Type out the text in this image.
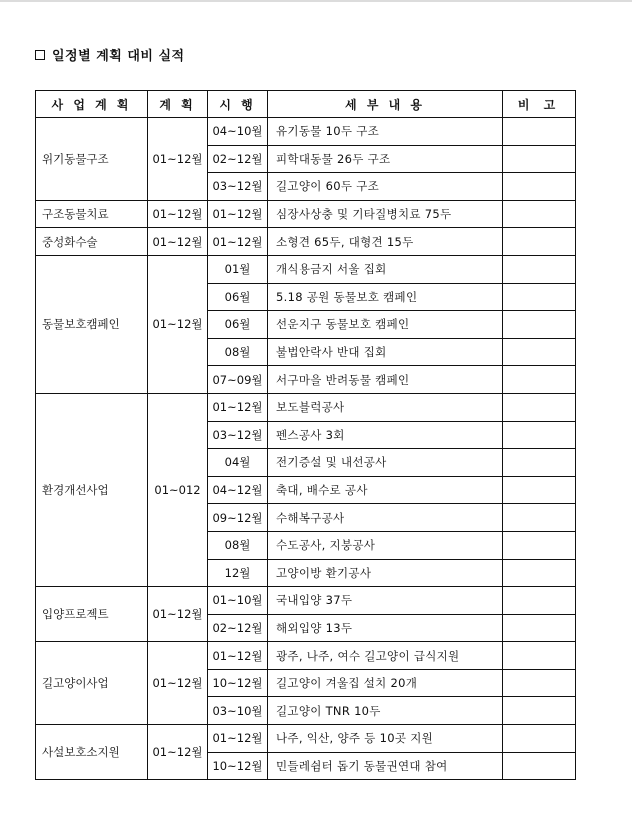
일정별 계획 대비 실적
사 업 계 획	계 획	시 행	세 부 내 용	비 고
위기동물구조	01~12월	04~10월	유기동물 10두 구조	
		02~12월	피학대동물 26두 구조	
		03~12월	길고양이 60두 구조	
구조동물치료	01~12월	01~12월	심장사상충 및 기타질병치료 75두	
중성화수술	01~12월	01~12월	소형견 65두, 대형견 15두	
동물보호캠페인	01~12월	01월	개식용금지 서울 집회	
		06월	5.18 공원 동물보호 캠페인	
		06월	선운지구 동물보호 캠페인	
		08월	불법안락사 반대 집회	
		07~09월	서구마을 반려동물 캠페인	
환경개선사업	01~012	01~12월	보도블럭공사	
		03~12월	펜스공사 3회	
		04월	전기증설 및 내선공사	
		04~12월	축대, 배수로 공사	
		09~12월	수해복구공사	
		08월	수도공사, 지붕공사	
		12월	고양이방 환기공사	
입양프로젝트	01~12월	01~10월	국내입양 37두	
		02~12월	해외입양 13두	
길고양이사업	01~12월	01~12월	광주, 나주, 여수 길고양이 급식지원	
		10~12월	길고양이 겨울집 설치 20개	
		03~10월	길고양이 TNR 10두	
사설보호소지원	01~12월	01~12월	나주, 익산, 양주 등 10곳 지원	
		10~12월	민들레쉼터 돕기 동물권연대 참여	
